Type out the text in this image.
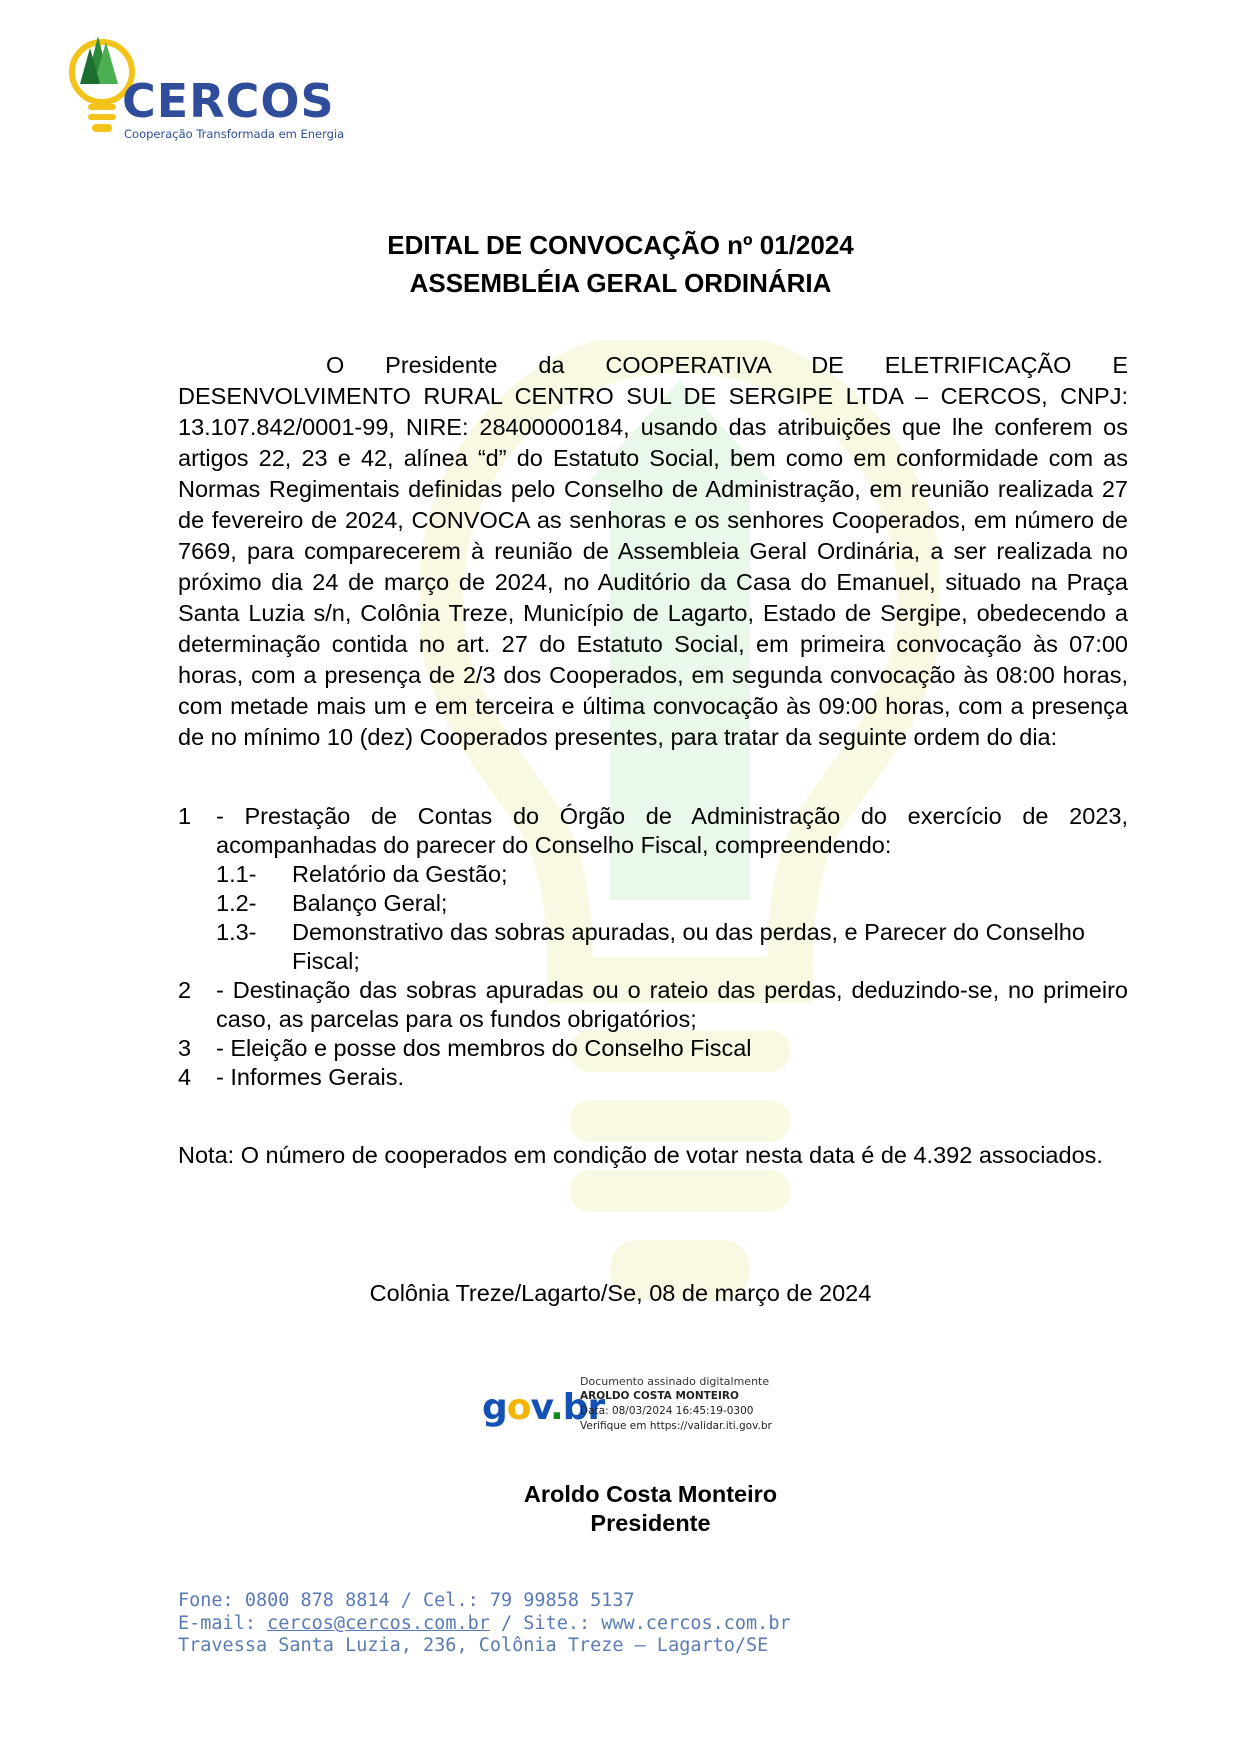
CERCOS
Cooperação Transformada em Energia
EDITAL DE CONVOCAÇÃO nº 01/2024
ASSEMBLÉIA GERAL ORDINÁRIA
O Presidente da COOPERATIVA DE ELETRIFICAÇÃO E DESENVOLVIMENTO RURAL CENTRO SUL DE SERGIPE LTDA – CERCOS, CNPJ: 13.107.842/0001-99, NIRE: 28400000184, usando das atribuições que lhe conferem os artigos 22, 23 e 42, alínea “d” do Estatuto Social, bem como em conformidade com as Normas Regimentais definidas pelo Conselho de Administração, em reunião realizada 27 de fevereiro de 2024, CONVOCA as senhoras e os senhores Cooperados, em número de 7669, para comparecerem à reunião de Assembleia Geral Ordinária, a ser realizada no próximo dia 24 de março de 2024, no Auditório da Casa do Emanuel, situado na Praça Santa Luzia s/n, Colônia Treze, Município de Lagarto, Estado de Sergipe, obedecendo a determinação contida no art. 27 do Estatuto Social, em primeira convocação às 07:00 horas, com a presença de 2/3 dos Cooperados, em segunda convocação às 08:00 horas, com metade mais um e em terceira e última convocação às 09:00 horas, com a presença de no mínimo 10 (dez) Cooperados presentes, para tratar da seguinte ordem do dia:
1 - Prestação de Contas do Órgão de Administração do exercício de 2023, acompanhadas do parecer do Conselho Fiscal, compreendendo:
1.1- Relatório da Gestão;
1.2- Balanço Geral;
1.3- Demonstrativo das sobras apuradas, ou das perdas, e Parecer do Conselho Fiscal;
2 - Destinação das sobras apuradas ou o rateio das perdas, deduzindo-se, no primeiro caso, as parcelas para os fundos obrigatórios;
3 - Eleição e posse dos membros do Conselho Fiscal
4 - Informes Gerais.
Nota: O número de cooperados em condição de votar nesta data é de 4.392 associados.
Colônia Treze/Lagarto/Se, 08 de março de 2024
gov.br
Documento assinado digitalmente
AROLDO COSTA MONTEIRO
Data: 08/03/2024 16:45:19-0300
Verifique em https://validar.iti.gov.br
Aroldo Costa Monteiro
Presidente
Fone: 0800 878 8814 / Cel.: 79 99858 5137
E-mail: cercos@cercos.com.br / Site.: www.cercos.com.br
Travessa Santa Luzia, 236, Colônia Treze – Lagarto/SE
